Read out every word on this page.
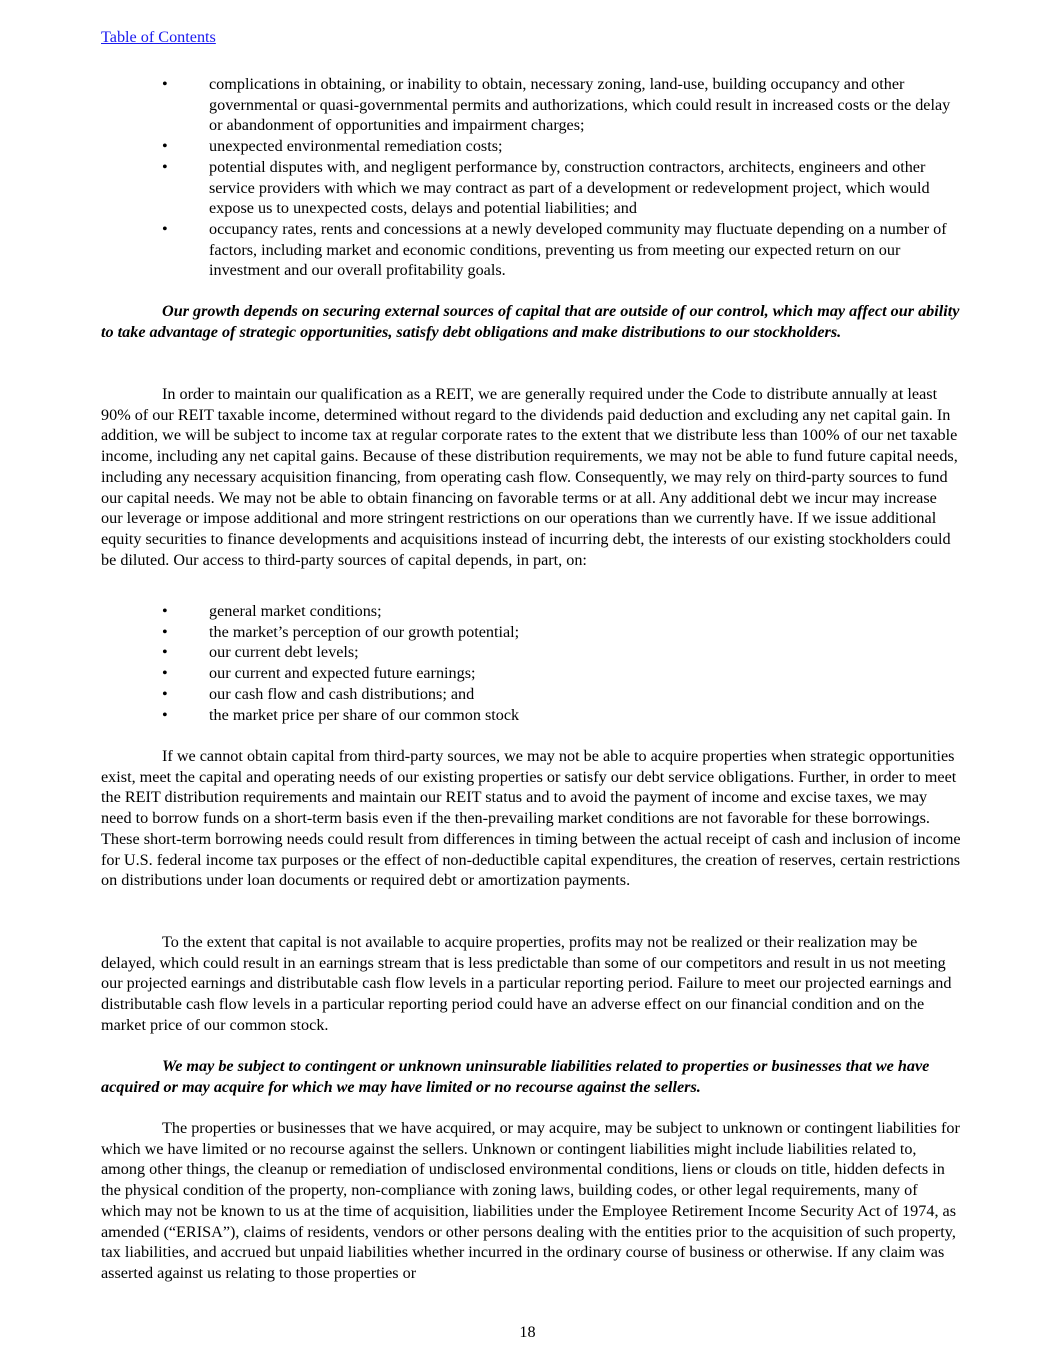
Table of Contents
•	complications in obtaining, or inability to obtain, necessary zoning, land-use, building occupancy and other governmental or quasi-governmental permits and authorizations, which could result in increased costs or the delay or abandonment of opportunities and impairment charges;
•	unexpected environmental remediation costs;
•	potential disputes with, and negligent performance by, construction contractors, architects, engineers and other service providers with which we may contract as part of a development or redevelopment project, which would expose us to unexpected costs, delays and potential liabilities; and
•	occupancy rates, rents and concessions at a newly developed community may fluctuate depending on a number of factors, including market and economic conditions, preventing us from meeting our expected return on our investment and our overall profitability goals.

Our growth depends on securing external sources of capital that are outside of our control, which may affect our ability to take advantage of strategic opportunities, satisfy debt obligations and make distributions to our stockholders.

In order to maintain our qualification as a REIT, we are generally required under the Code to distribute annually at least 90% of our REIT taxable income, determined without regard to the dividends paid deduction and excluding any net capital gain. In addition, we will be subject to income tax at regular corporate rates to the extent that we distribute less than 100% of our net taxable income, including any net capital gains. Because of these distribution requirements, we may not be able to fund future capital needs, including any necessary acquisition financing, from operating cash flow. Consequently, we may rely on third-party sources to fund our capital needs. We may not be able to obtain financing on favorable terms or at all. Any additional debt we incur may increase our leverage or impose additional and more stringent restrictions on our operations than we currently have. If we issue additional equity securities to finance developments and acquisitions instead of incurring debt, the interests of our existing stockholders could be diluted. Our access to third-party sources of capital depends, in part, on:

•	general market conditions;
•	the market’s perception of our growth potential;
•	our current debt levels;
•	our current and expected future earnings;
•	our cash flow and cash distributions; and
•	the market price per share of our common stock

If we cannot obtain capital from third-party sources, we may not be able to acquire properties when strategic opportunities exist, meet the capital and operating needs of our existing properties or satisfy our debt service obligations. Further, in order to meet the REIT distribution requirements and maintain our REIT status and to avoid the payment of income and excise taxes, we may need to borrow funds on a short-term basis even if the then-prevailing market conditions are not favorable for these borrowings. These short-term borrowing needs could result from differences in timing between the actual receipt of cash and inclusion of income for U.S. federal income tax purposes or the effect of non-deductible capital expenditures, the creation of reserves, certain restrictions on distributions under loan documents or required debt or amortization payments.

To the extent that capital is not available to acquire properties, profits may not be realized or their realization may be delayed, which could result in an earnings stream that is less predictable than some of our competitors and result in us not meeting our projected earnings and distributable cash flow levels in a particular reporting period. Failure to meet our projected earnings and distributable cash flow levels in a particular reporting period could have an adverse effect on our financial condition and on the market price of our common stock.

We may be subject to contingent or unknown uninsurable liabilities related to properties or businesses that we have acquired or may acquire for which we may have limited or no recourse against the sellers.

The properties or businesses that we have acquired, or may acquire, may be subject to unknown or contingent liabilities for which we have limited or no recourse against the sellers. Unknown or contingent liabilities might include liabilities related to, among other things, the cleanup or remediation of undisclosed environmental conditions, liens or clouds on title, hidden defects in the physical condition of the property, non-compliance with zoning laws, building codes, or other legal requirements, many of which may not be known to us at the time of acquisition, liabilities under the Employee Retirement Income Security Act of 1974, as amended (“ERISA”), claims of residents, vendors or other persons dealing with the entities prior to the acquisition of such property, tax liabilities, and accrued but unpaid liabilities whether incurred in the ordinary course of business or otherwise. If any claim was asserted against us relating to those properties or

18
